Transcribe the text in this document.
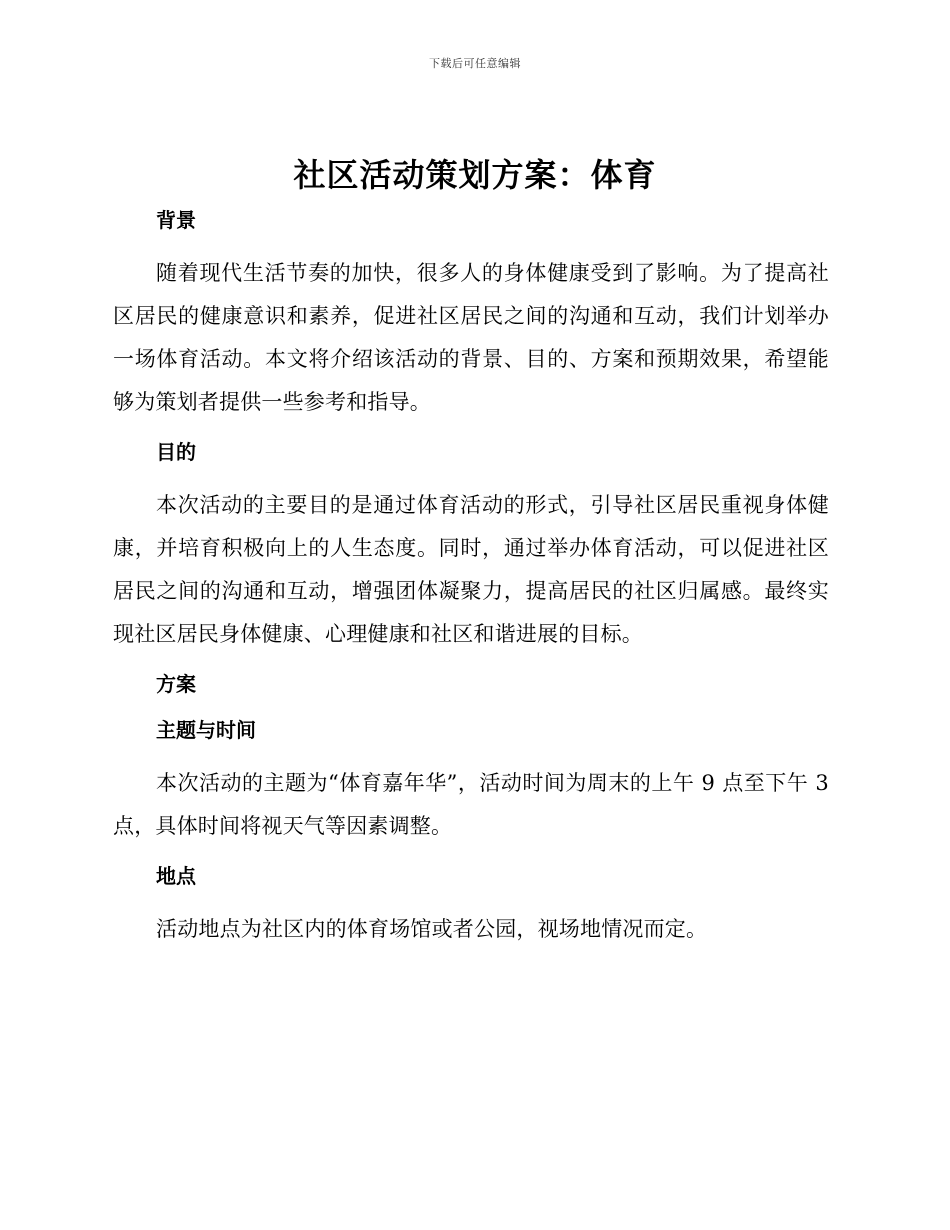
下载后可任意编辑
社区活动策划方案：体育
背景

随着现代生活节奏的加快，很多人的身体健康受到了影响。为了提高社区居民的健康意识和素养，促进社区居民之间的沟通和互动，我们计划举办一场体育活动。本文将介绍该活动的背景、目的、方案和预期效果，希望能够为策划者提供一些参考和指导。

目的

本次活动的主要目的是通过体育活动的形式，引导社区居民重视身体健康，并培育积极向上的人生态度。同时，通过举办体育活动，可以促进社区居民之间的沟通和互动，增强团体凝聚力，提高居民的社区归属感。最终实现社区居民身体健康、心理健康和社区和谐进展的目标。

方案
主题与时间

本次活动的主题为“体育嘉年华”，活动时间为周末的上午 9 点至下午 3 点，具体时间将视天气等因素调整。

地点

活动地点为社区内的体育场馆或者公园，视场地情况而定。
